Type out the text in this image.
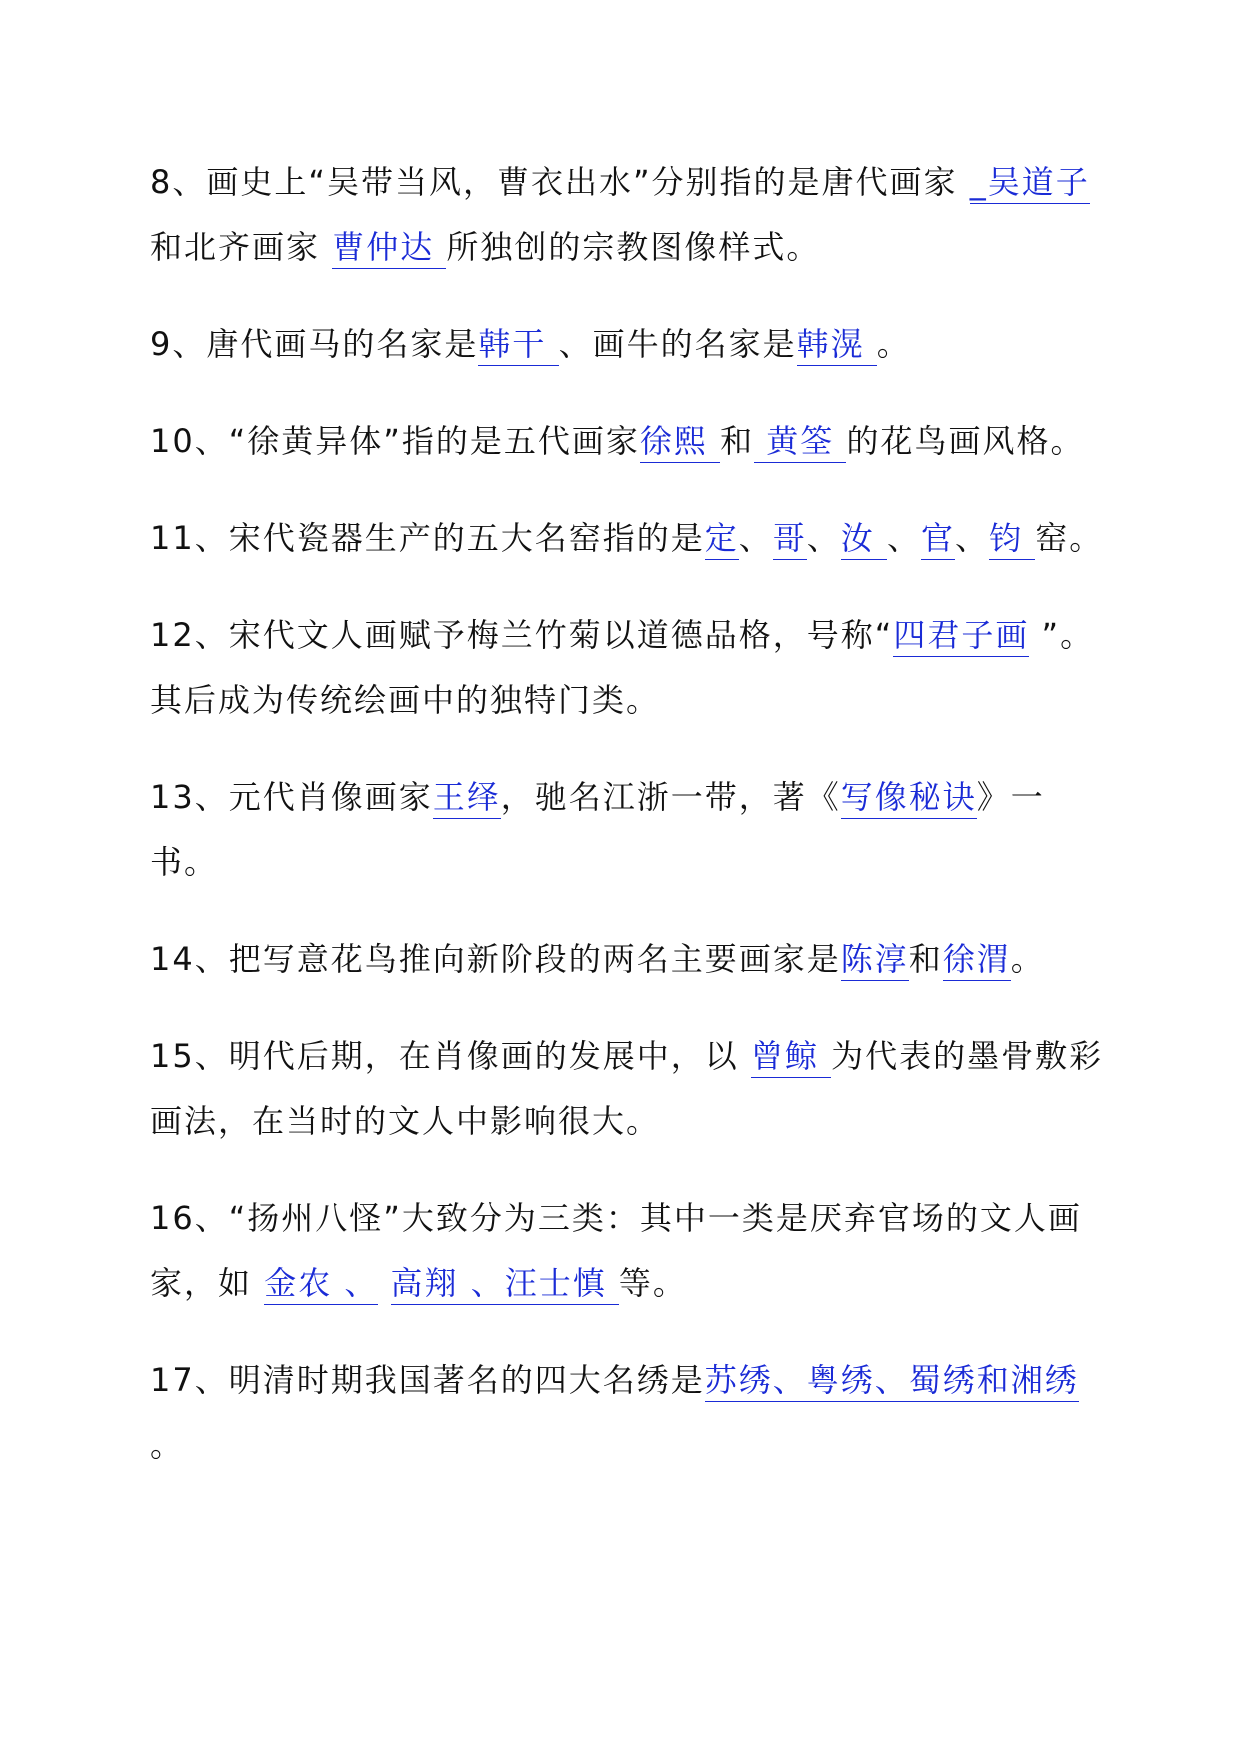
8、画史上“吴带当风，曹衣出水”分别指的是唐代画家 _吴道子 和北齐画家 曹仲达 所独创的宗教图像样式。

9、唐代画马的名家是韩干 、画牛的名家是韩滉 。

10、“徐黄异体”指的是五代画家徐熙 和 黄筌 的花鸟画风格。

11、宋代瓷器生产的五大名窑指的是定、哥、汝 、官、钧 窑。

12、宋代文人画赋予梅兰竹菊以道德品格，号称“四君子画 ”。其后成为传统绘画中的独特门类。

13、元代肖像画家王绎，驰名江浙一带，著《写像秘诀》一书。

14、把写意花鸟推向新阶段的两名主要画家是陈淳和徐渭。

15、明代后期，在肖像画的发展中，以 曾鲸 为代表的墨骨敷彩画法，在当时的文人中影响很大。

16、“扬州八怪”大致分为三类：其中一类是厌弃官场的文人画家，如 金农 、 高翔 、汪士慎 等。

17、明清时期我国著名的四大名绣是苏绣、粤绣、蜀绣和湘绣 。
